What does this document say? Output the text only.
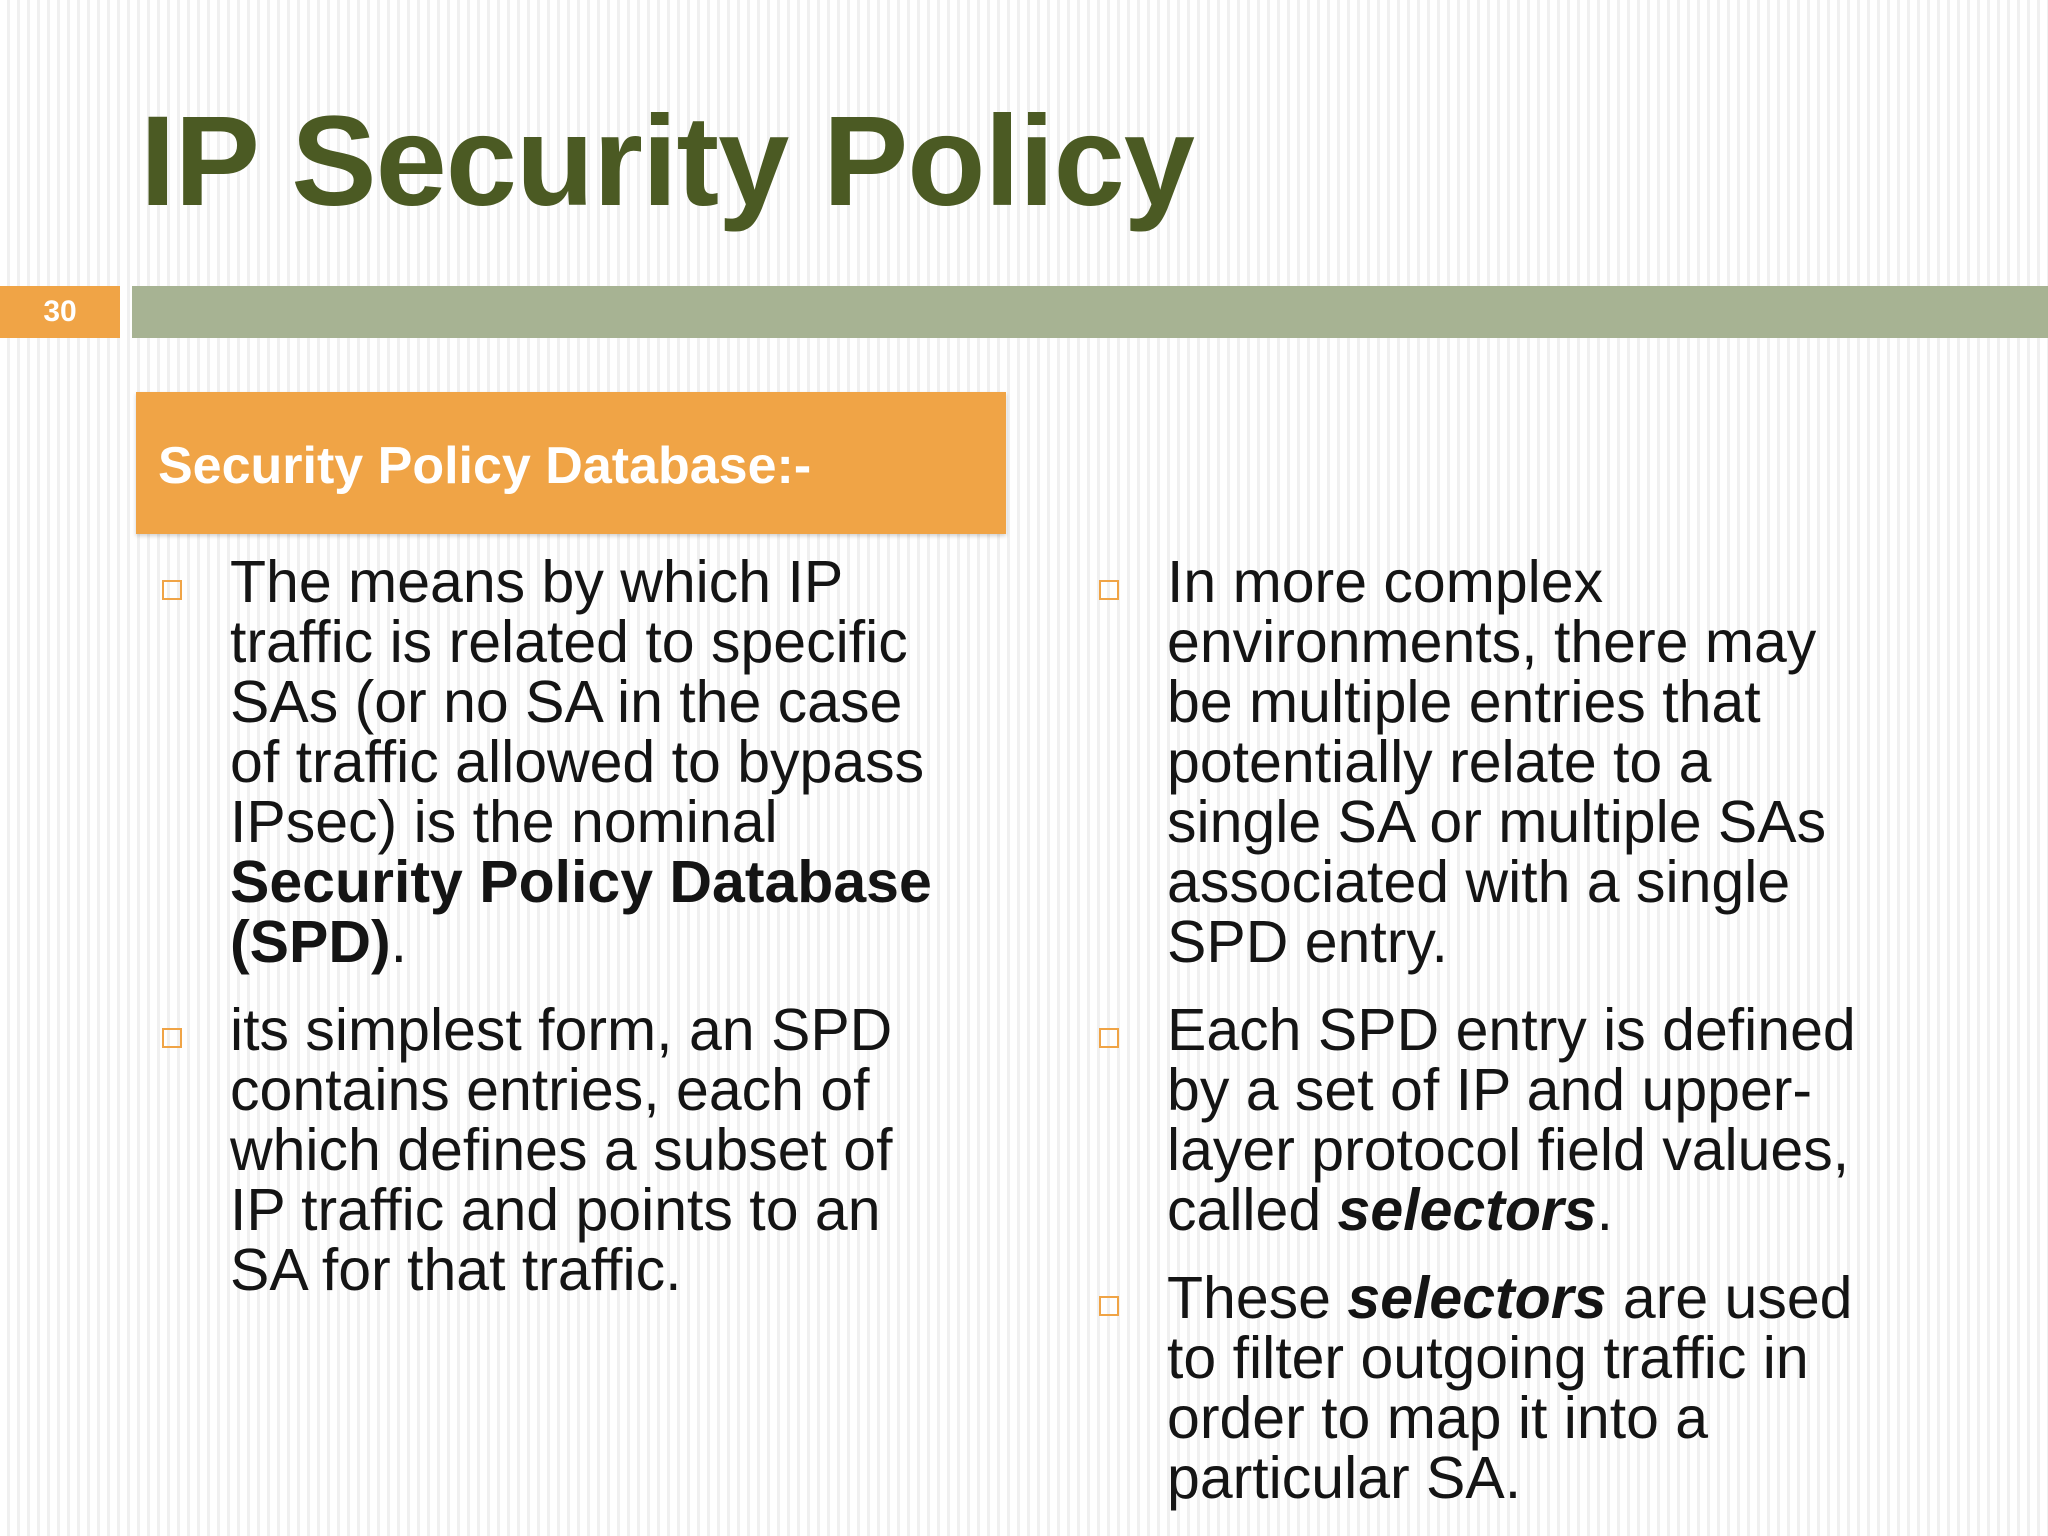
IP Security Policy
30
Security Policy Database:-
The means by which IP
traffic is related to specific
SAs (or no SA in the case
of traffic allowed to bypass
IPsec) is the nominal
Security Policy Database
(SPD).
its simplest form, an SPD
contains entries, each of
which defines a subset of
IP traffic and points to an
SA for that traffic.
In more complex
environments, there may
be multiple entries that
potentially relate to a
single SA or multiple SAs
associated with a single
SPD entry.
Each SPD entry is defined
by a set of IP and upper-
layer protocol field values,
called selectors.
These selectors are used
to filter outgoing traffic in
order to map it into a
particular SA.
